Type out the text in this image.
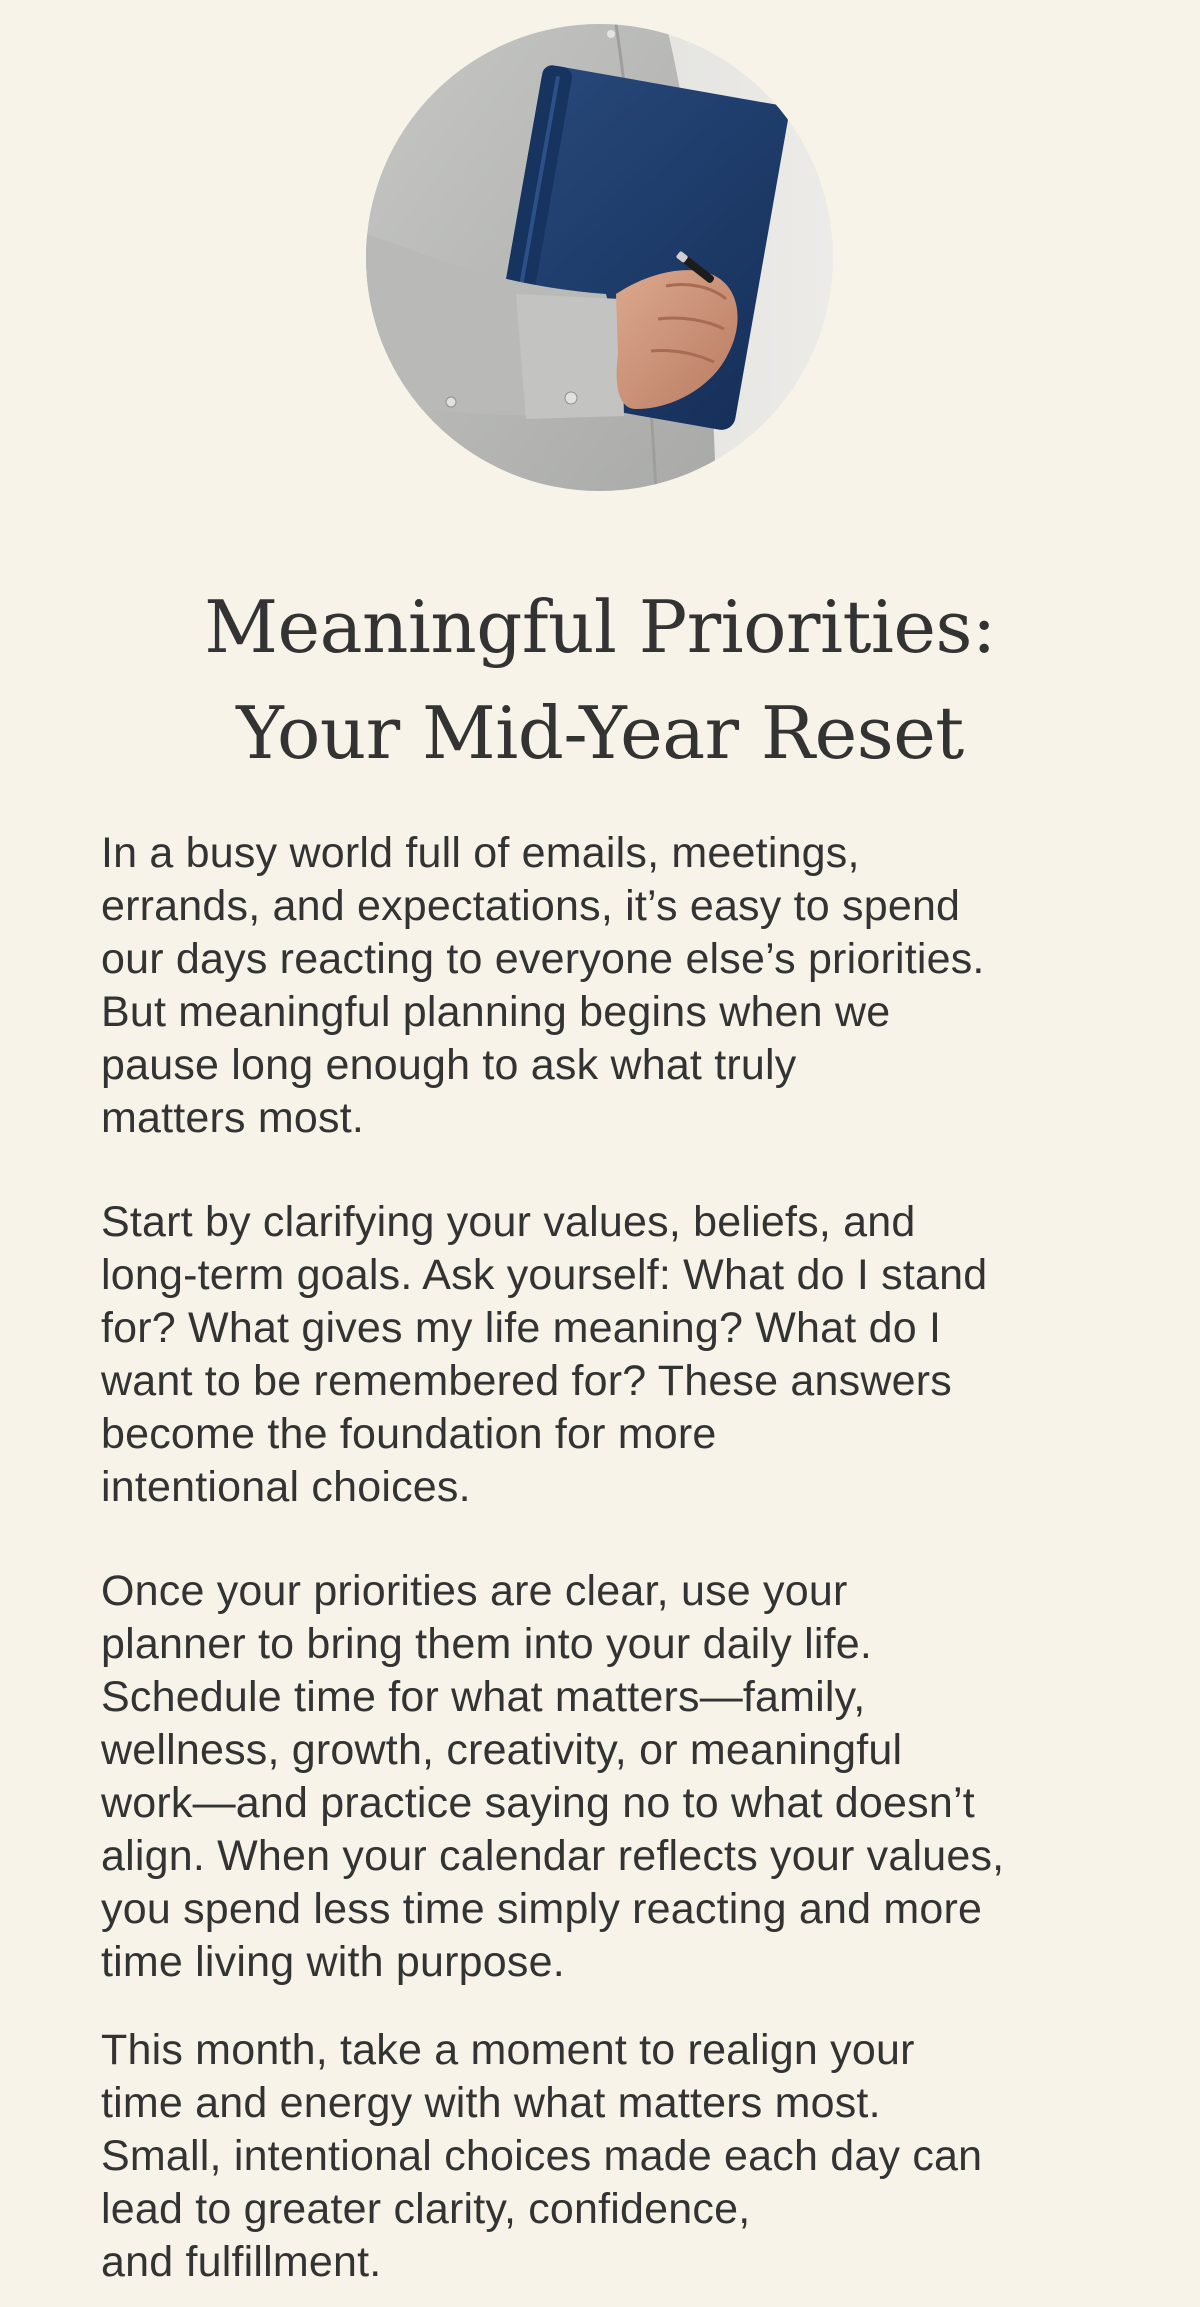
Meaningful Priorities:
Your Mid-Year Reset

In a busy world full of emails, meetings,
errands, and expectations, it’s easy to spend
our days reacting to everyone else’s priorities.
But meaningful planning begins when we
pause long enough to ask what truly
matters most.

Start by clarifying your values, beliefs, and
long-term goals. Ask yourself: What do I stand
for? What gives my life meaning? What do I
want to be remembered for? These answers
become the foundation for more
intentional choices.

Once your priorities are clear, use your
planner to bring them into your daily life.
Schedule time for what matters—family,
wellness, growth, creativity, or meaningful
work—and practice saying no to what doesn’t
align. When your calendar reflects your values,
you spend less time simply reacting and more
time living with purpose.

This month, take a moment to realign your
time and energy with what matters most.
Small, intentional choices made each day can
lead to greater clarity, confidence,
and fulfillment.
